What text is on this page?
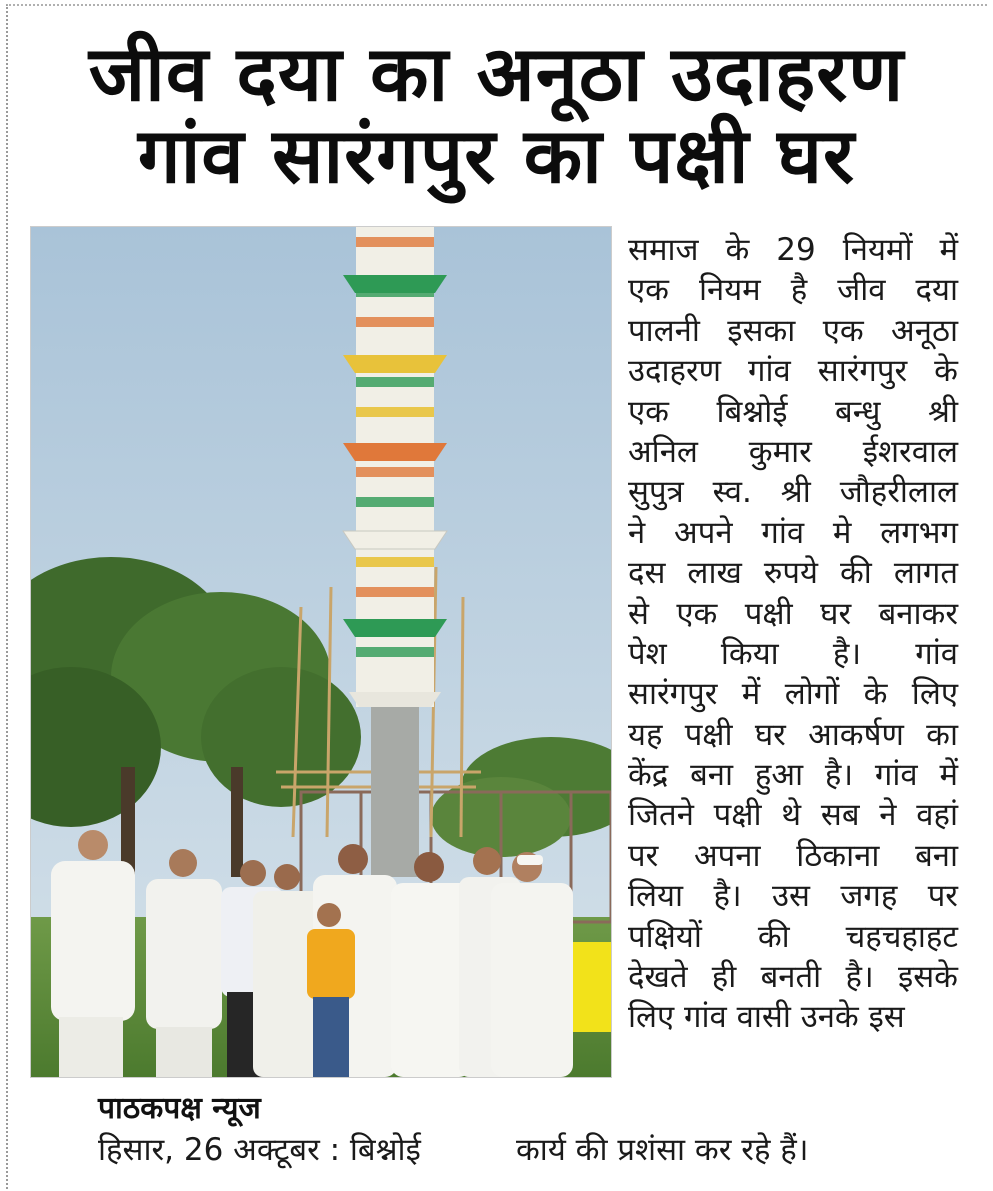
जीव दया का अनूठा उदाहरण
गांव सारंगपुर का पक्षी घर
पाठकपक्ष न्यूज
हिसार, 26 अक्टूबर : बिश्नोई
समाज के 29 नियमों में
एक नियम है जीव दया
पालनी इसका एक अनूठा
उदाहरण गांव सारंगपुर के
एक बिश्नोई बन्धु श्री
अनिल कुमार ईशरवाल
सुपुत्र स्व. श्री जौहरीलाल
ने अपने गांव मे लगभग
दस लाख रुपये की लागत
से एक पक्षी घर बनाकर
पेश किया है। गांव
सारंगपुर में लोगों के लिए
यह पक्षी घर आकर्षण का
केंद्र बना हुआ है। गांव में
जितने पक्षी थे सब ने वहां
पर अपना ठिकाना बना
लिया है। उस जगह पर
पक्षियों की चहचहाहट
देखते ही बनती है। इसके
लिए गांव वासी उनके इस
कार्य की प्रशंसा कर रहे हैं।
